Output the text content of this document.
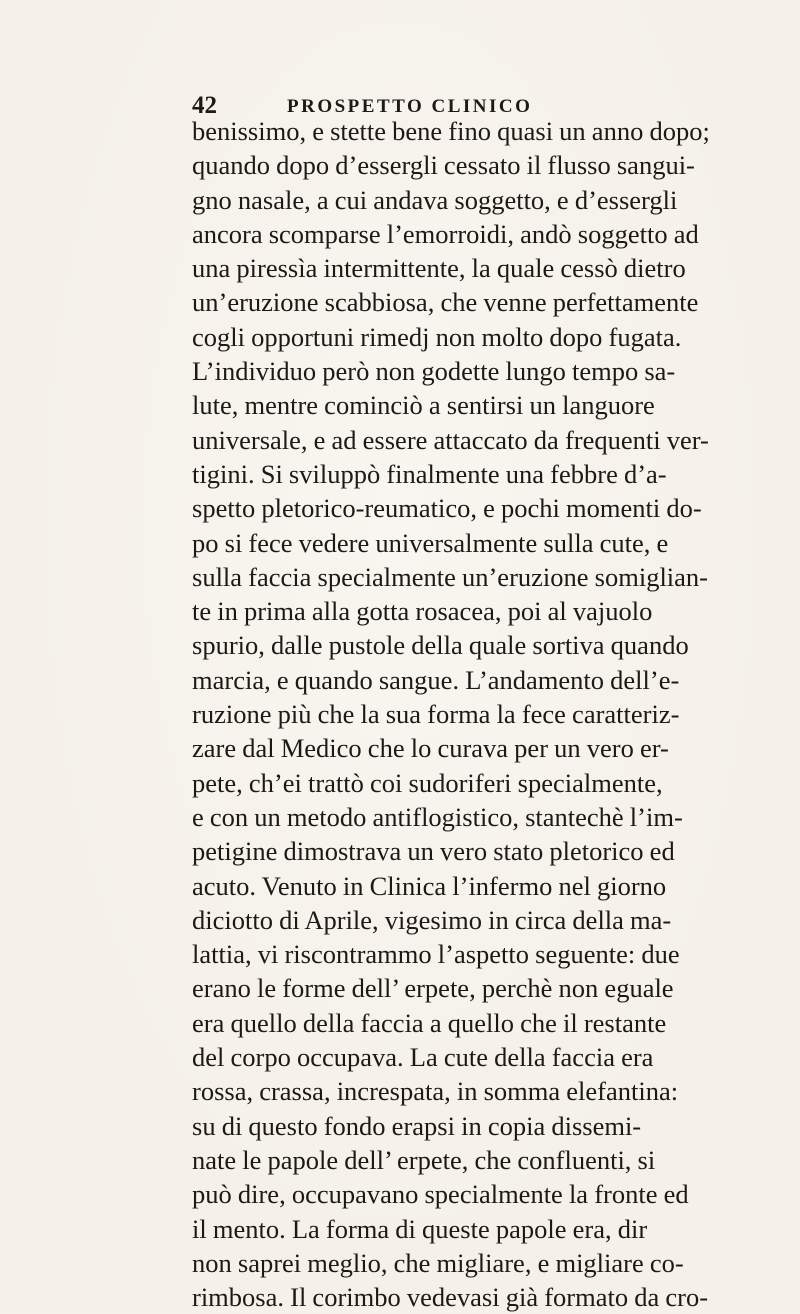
42	PROSPETTO CLINICO
benissimo, e stette bene fino quasi un anno dopo;
quando dopo d’essergli cessato il flusso sangui-
gno nasale, a cui andava soggetto, e d’essergli
ancora scomparse l’emorroidi, andò soggetto ad
una piressìa intermittente, la quale cessò dietro
un’eruzione scabbiosa, che venne perfettamente
cogli opportuni rimedj non molto dopo fugata.
L’individuo però non godette lungo tempo sa-
lute, mentre cominciò a sentirsi un languore
universale, e ad essere attaccato da frequenti ver-
tigini. Si sviluppò finalmente una febbre d’a-
spetto pletorico-reumatico, e pochi momenti do-
po si fece vedere universalmente sulla cute, e
sulla faccia specialmente un’eruzione somiglian-
te in prima alla gotta rosacea, poi al vajuolo
spurio, dalle pustole della quale sortiva quando
marcia, e quando sangue. L’andamento dell’e-
ruzione più che la sua forma la fece caratteriz-
zare dal Medico che lo curava per un vero er-
pete, ch’ei trattò coi sudoriferi specialmente,
e con un metodo antiflogistico, stantechè l’im-
petigine dimostrava un vero stato pletorico ed
acuto. Venuto in Clinica l’infermo nel giorno
diciotto di Aprile, vigesimo in circa della ma-
lattia, vi riscontrammo l’aspetto seguente: due
erano le forme dell’ erpete, perchè non eguale
era quello della faccia a quello che il restante
del corpo occupava. La cute della faccia era
rossa, crassa, increspata, in somma elefantina:
su di questo fondo erapsi in copia dissemi-
nate le papole dell’ erpete, che confluenti, si
può dire, occupavano specialmente la fronte ed
il mento. La forma di queste papole era, dir
non saprei meglio, che migliare, e migliare co-
rimbosa. Il corimbo vedevasi già formato da cro-
